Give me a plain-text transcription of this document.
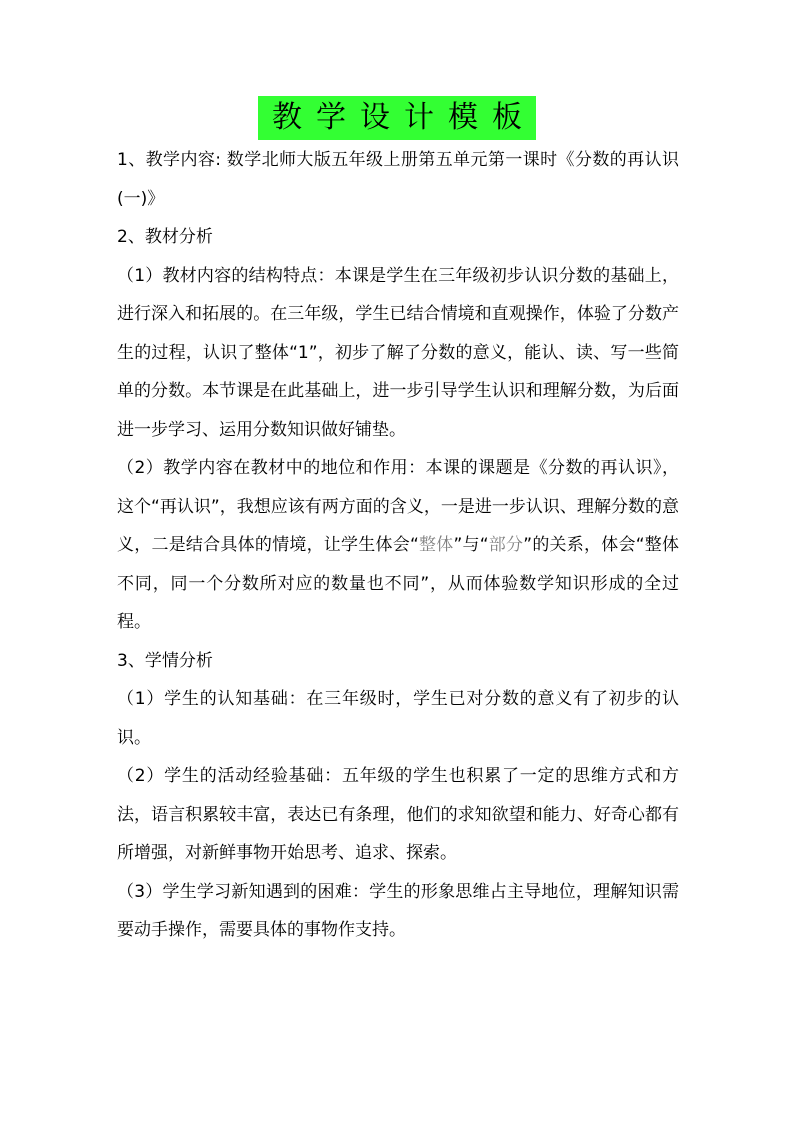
教学设计模板

1、教学内容: 数学北师大版五年级上册第五单元第一课时《分数的再认识(一)》

2、教材分析

（1）教材内容的结构特点：本课是学生在三年级初步认识分数的基础上，进行深入和拓展的。在三年级，学生已结合情境和直观操作，体验了分数产生的过程，认识了整体“1”，初步了解了分数的意义，能认、读、写一些简单的分数。本节课是在此基础上，进一步引导学生认识和理解分数，为后面进一步学习、运用分数知识做好铺垫。

（2）教学内容在教材中的地位和作用：本课的课题是《分数的再认识》，这个“再认识”，我想应该有两方面的含义，一是进一步认识、理解分数的意义，二是结合具体的情境，让学生体会“整体”与“部分”的关系，体会“整体不同，同一个分数所对应的数量也不同”，从而体验数学知识形成的全过程。

3、学情分析

（1）学生的认知基础：在三年级时，学生已对分数的意义有了初步的认识。

（2）学生的活动经验基础：五年级的学生也积累了一定的思维方式和方法，语言积累较丰富，表达已有条理，他们的求知欲望和能力、好奇心都有所增强，对新鲜事物开始思考、追求、探索。

（3）学生学习新知遇到的困难：学生的形象思维占主导地位，理解知识需要动手操作，需要具体的事物作支持。
